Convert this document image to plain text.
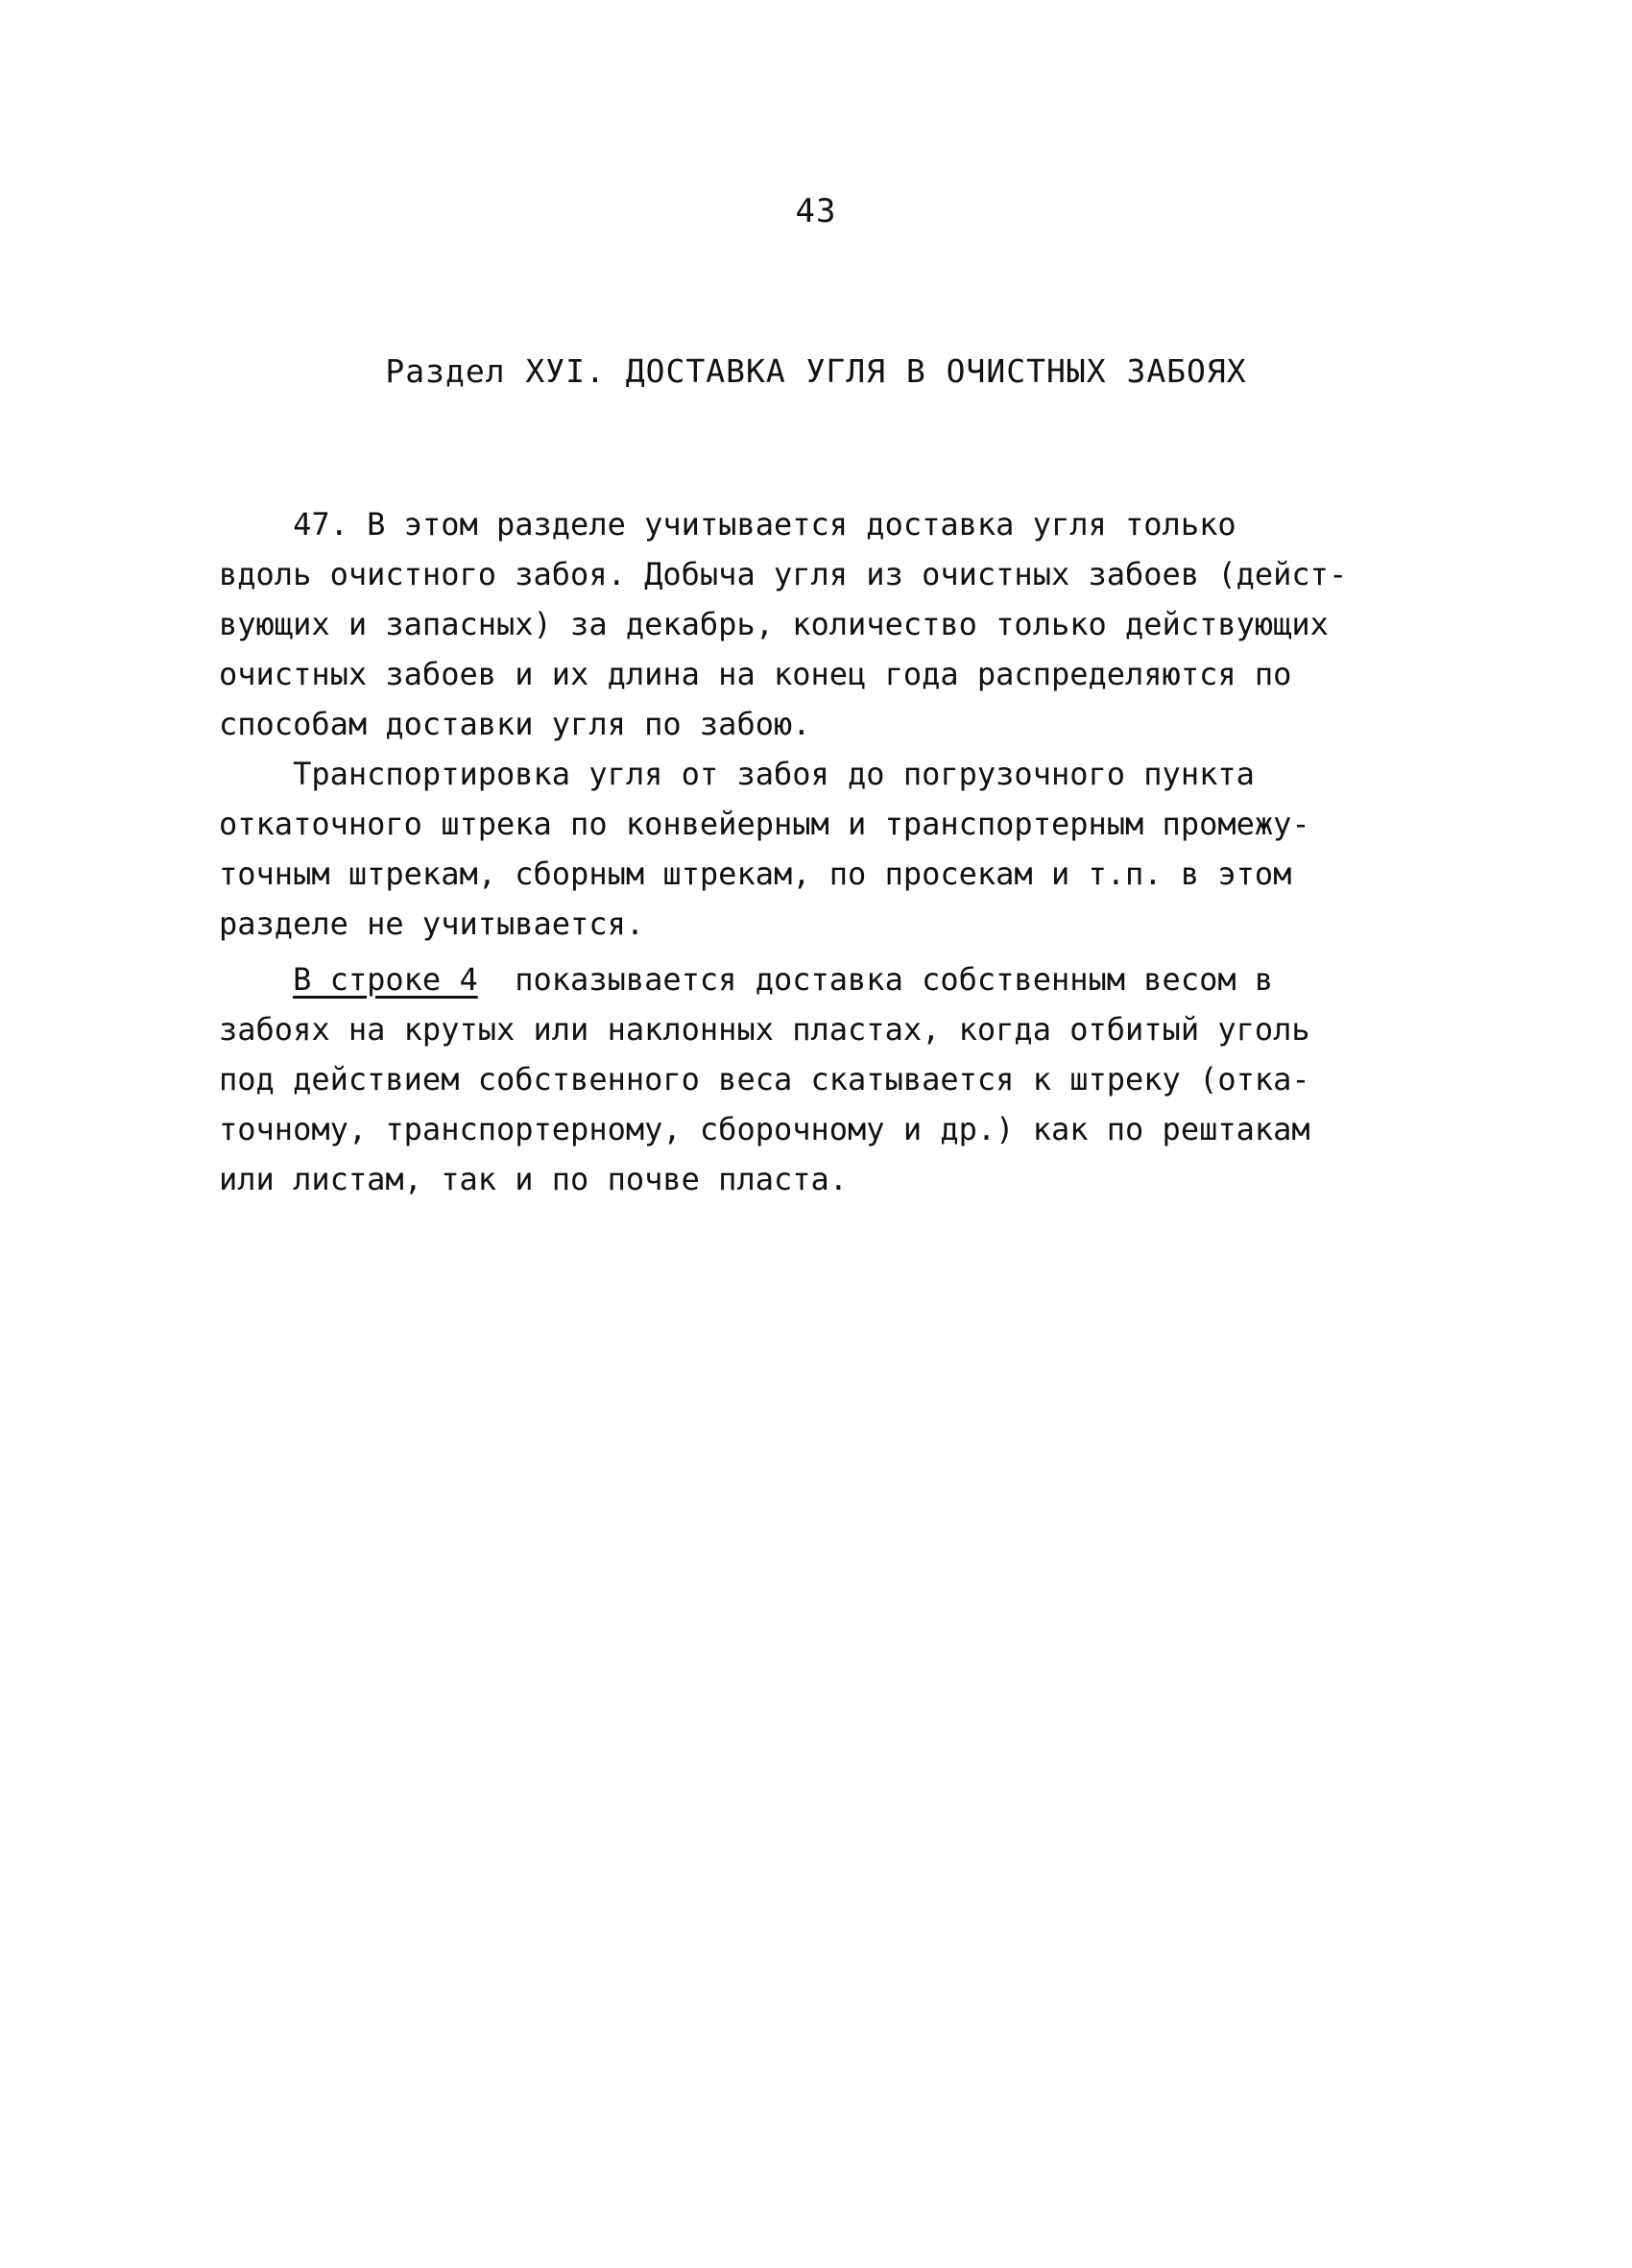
43
Раздел ХУI. ДОСТАВКА УГЛЯ В ОЧИСТНЫХ ЗАБОЯХ
47. В этом разделе учитывается доставка угля только
вдоль очистного забоя. Добыча угля из очистных забоев (дейст-
вующих и запасных) за декабрь, количество только действующих
очистных забоев и их длина на конец года распределяются по
способам доставки угля по забою.
Транспортировка угля от забоя до погрузочного пункта
откаточного штрека по конвейерным и транспортерным промежу-
точным штрекам, сборным штрекам, по просекам и т.п. в этом
разделе не учитывается.
В строке 4  показывается доставка собственным весом в
забоях на крутых или наклонных пластах, когда отбитый уголь
под действием собственного веса скатывается к штреку (отка-
точному, транспортерному, сборочному и др.) как по рештакам
или листам, так и по почве пласта.
